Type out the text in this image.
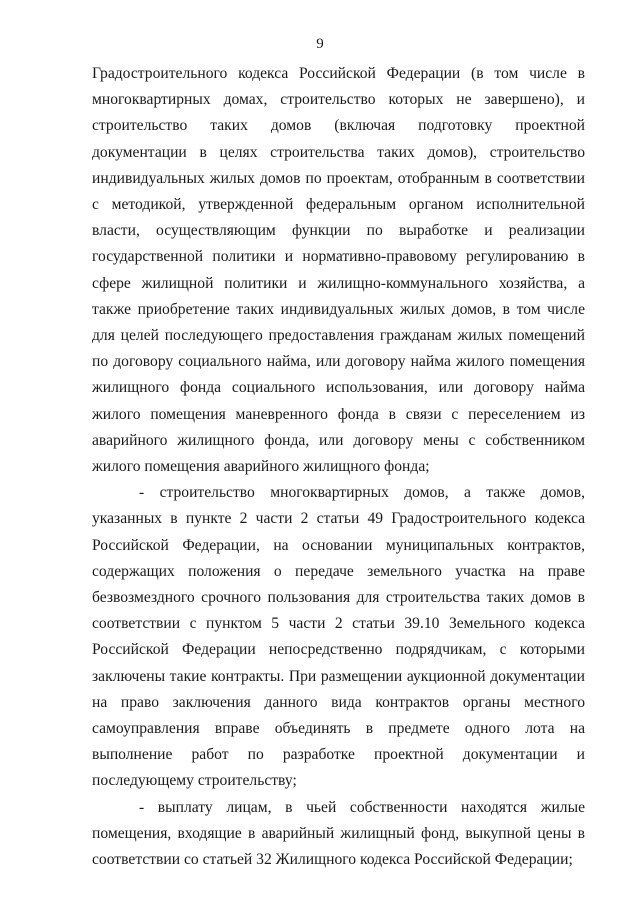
9

Градостроительного кодекса Российской Федерации (в том числе в многоквартирных домах, строительство которых не завершено), и строительство таких домов (включая подготовку проектной документации в целях строительства таких домов), строительство индивидуальных жилых домов по проектам, отобранным в соответствии с методикой, утвержденной федеральным органом исполнительной власти, осуществляющим функции по выработке и реализации государственной политики и нормативно-правовому регулированию в сфере жилищной политики и жилищно-коммунального хозяйства, а также приобретение таких индивидуальных жилых домов, в том числе для целей последующего предоставления гражданам жилых помещений по договору социального найма, или договору найма жилого помещения жилищного фонда социального использования, или договору найма жилого помещения маневренного фонда в связи с переселением из аварийного жилищного фонда, или договору мены с собственником жилого помещения аварийного жилищного фонда;

- строительство многоквартирных домов, а также домов, указанных в пункте 2 части 2 статьи 49 Градостроительного кодекса Российской Федерации, на основании муниципальных контрактов, содержащих положения о передаче земельного участка на праве безвозмездного срочного пользования для строительства таких домов в соответствии с пунктом 5 части 2 статьи 39.10 Земельного кодекса Российской Федерации непосредственно подрядчикам, с которыми заключены такие контракты. При размещении аукционной документации на право заключения данного вида контрактов органы местного самоуправления вправе объединять в предмете одного лота на выполнение работ по разработке проектной документации и последующему строительству;

- выплату лицам, в чьей собственности находятся жилые помещения, входящие в аварийный жилищный фонд, выкупной цены в соответствии со статьей 32 Жилищного кодекса Российской Федерации;
